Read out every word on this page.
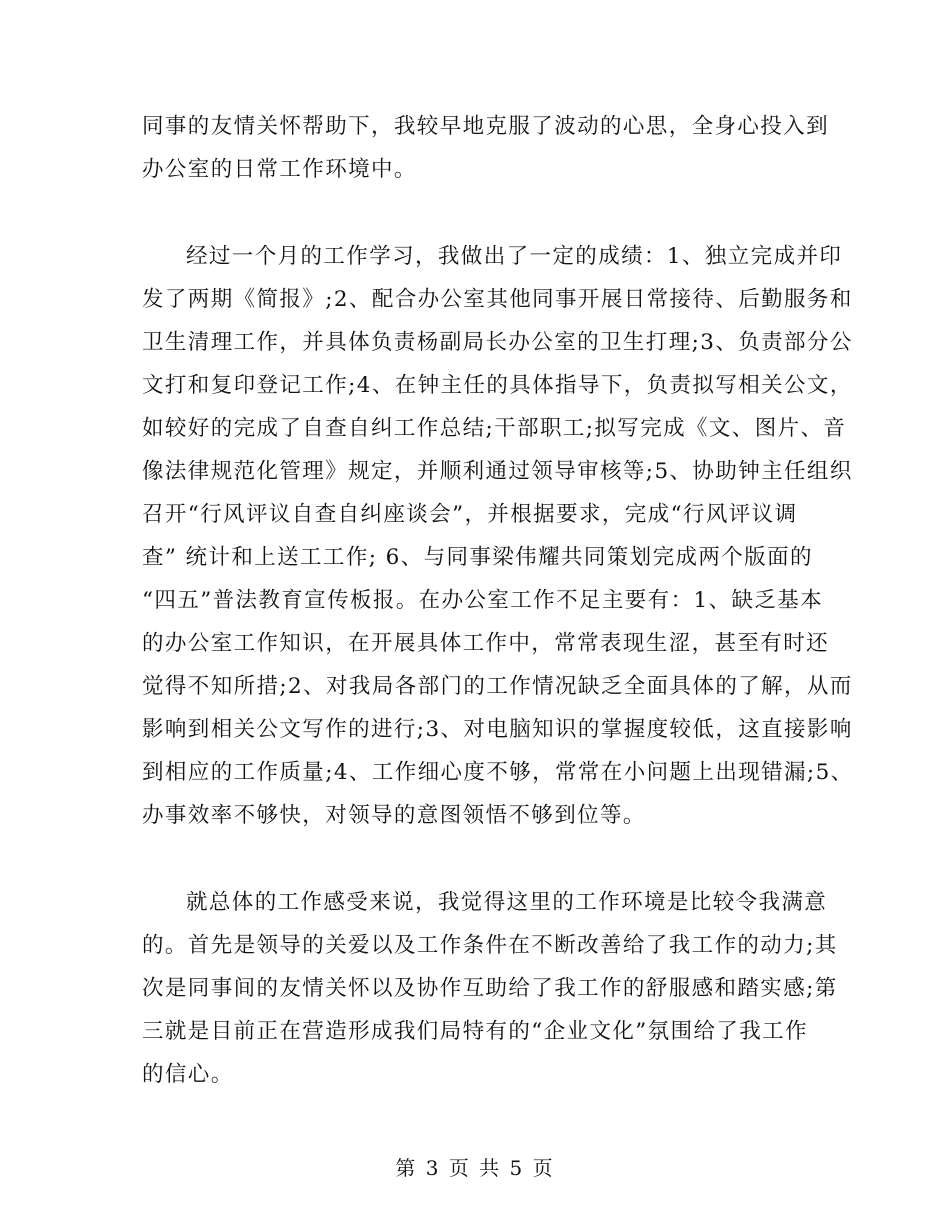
同事的友情关怀帮助下，我较早地克服了波动的心思，全身心投入到
办公室的日常工作环境中。
经过一个月的工作学习，我做出了一定的成绩：1、独立完成并印
发了两期《简报》;2、配合办公室其他同事开展日常接待、后勤服务和
卫生清理工作，并具体负责杨副局长办公室的卫生打理;3、负责部分公
文打和复印登记工作;4、在钟主任的具体指导下，负责拟写相关公文，
如较好的完成了自查自纠工作总结;干部职工;拟写完成《文、图片、音
像法律规范化管理》规定，并顺利通过领导审核等;5、协助钟主任组织
召开“行风评议自查自纠座谈会”，并根据要求，完成“行风评议调
查” 统计和上送工工作; 6、与同事梁伟耀共同策划完成两个版面的
“四五”普法教育宣传板报。在办公室工作不足主要有：1、缺乏基本
的办公室工作知识，在开展具体工作中，常常表现生涩，甚至有时还
觉得不知所措;2、对我局各部门的工作情况缺乏全面具体的了解，从而
影响到相关公文写作的进行;3、对电脑知识的掌握度较低，这直接影响
到相应的工作质量;4、工作细心度不够，常常在小问题上出现错漏;5、
办事效率不够快，对领导的意图领悟不够到位等。
就总体的工作感受来说，我觉得这里的工作环境是比较令我满意
的。首先是领导的关爱以及工作条件在不断改善给了我工作的动力;其
次是同事间的友情关怀以及协作互助给了我工作的舒服感和踏实感;第
三就是目前正在营造形成我们局特有的“企业文化”氛围给了我工作
的信心。
第 3 页 共 5 页
